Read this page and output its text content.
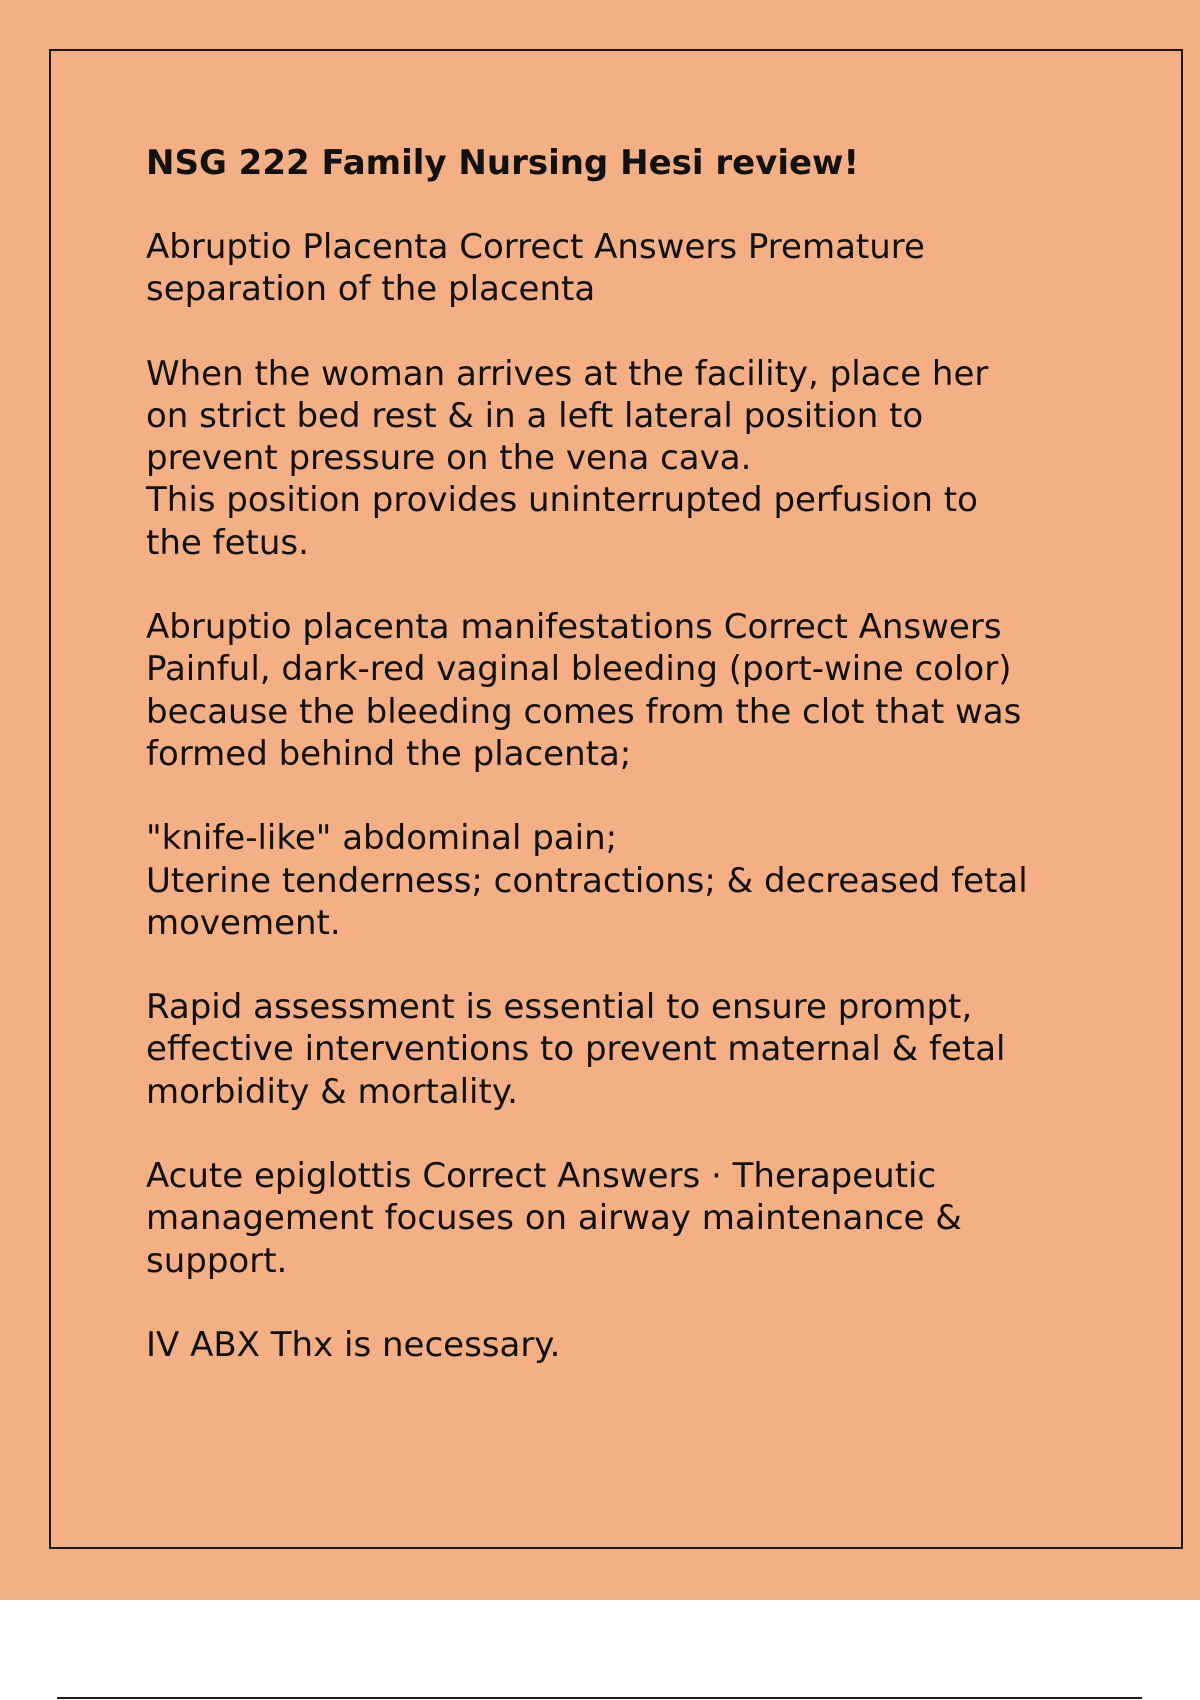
NSG 222 Family Nursing Hesi review!

Abruptio Placenta Correct Answers Premature
separation of the placenta

When the woman arrives at the facility, place her
on strict bed rest & in a left lateral position to
prevent pressure on the vena cava.
This position provides uninterrupted perfusion to
the fetus.

Abruptio placenta manifestations Correct Answers
Painful, dark-red vaginal bleeding (port-wine color)
because the bleeding comes from the clot that was
formed behind the placenta;

"knife-like" abdominal pain;
Uterine tenderness; contractions; & decreased fetal
movement.

Rapid assessment is essential to ensure prompt,
effective interventions to prevent maternal & fetal
morbidity & mortality.

Acute epiglottis Correct Answers · Therapeutic
management focuses on airway maintenance &
support.

IV ABX Thx is necessary.
